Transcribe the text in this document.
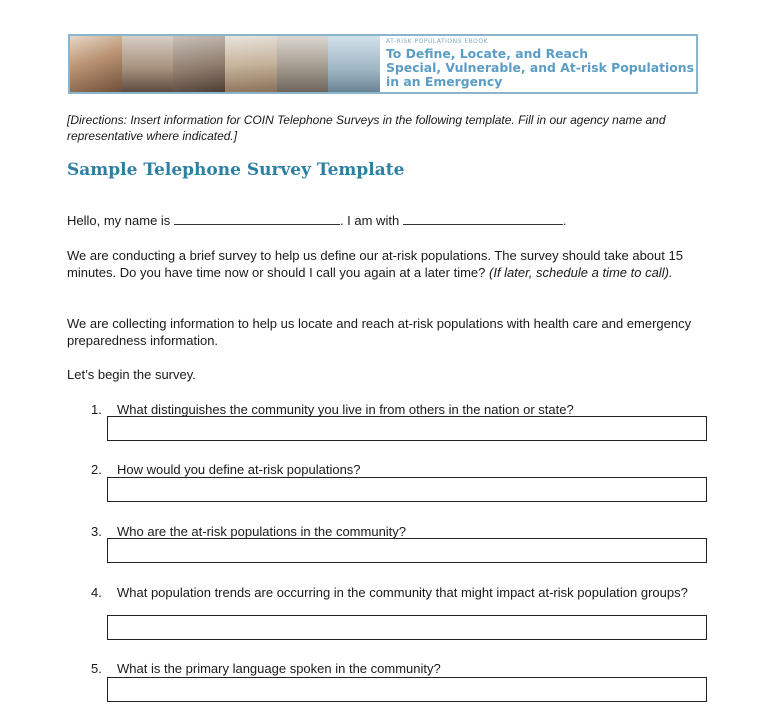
AT-RISK POPULATIONS EBOOK
To Define, Locate, and Reach
Special, Vulnerable, and At-risk Populations
in an Emergency
[Directions: Insert information for COIN Telephone Surveys in the following template. Fill in our agency name and representative where indicated.]
Sample Telephone Survey Template
Hello, my name is	. I am with	.
We are conducting a brief survey to help us define our at-risk populations. The survey should take about 15 minutes. Do you have time now or should I call you again at a later time? (If later, schedule a time to call).
We are collecting information to help us locate and reach at-risk populations with health care and emergency preparedness information.
Let’s begin the survey.
1. What distinguishes the community you live in from others in the nation or state?
2. How would you define at-risk populations?
3. Who are the at-risk populations in the community?
4. What population trends are occurring in the community that might impact at-risk population groups?
5. What is the primary language spoken in the community?
